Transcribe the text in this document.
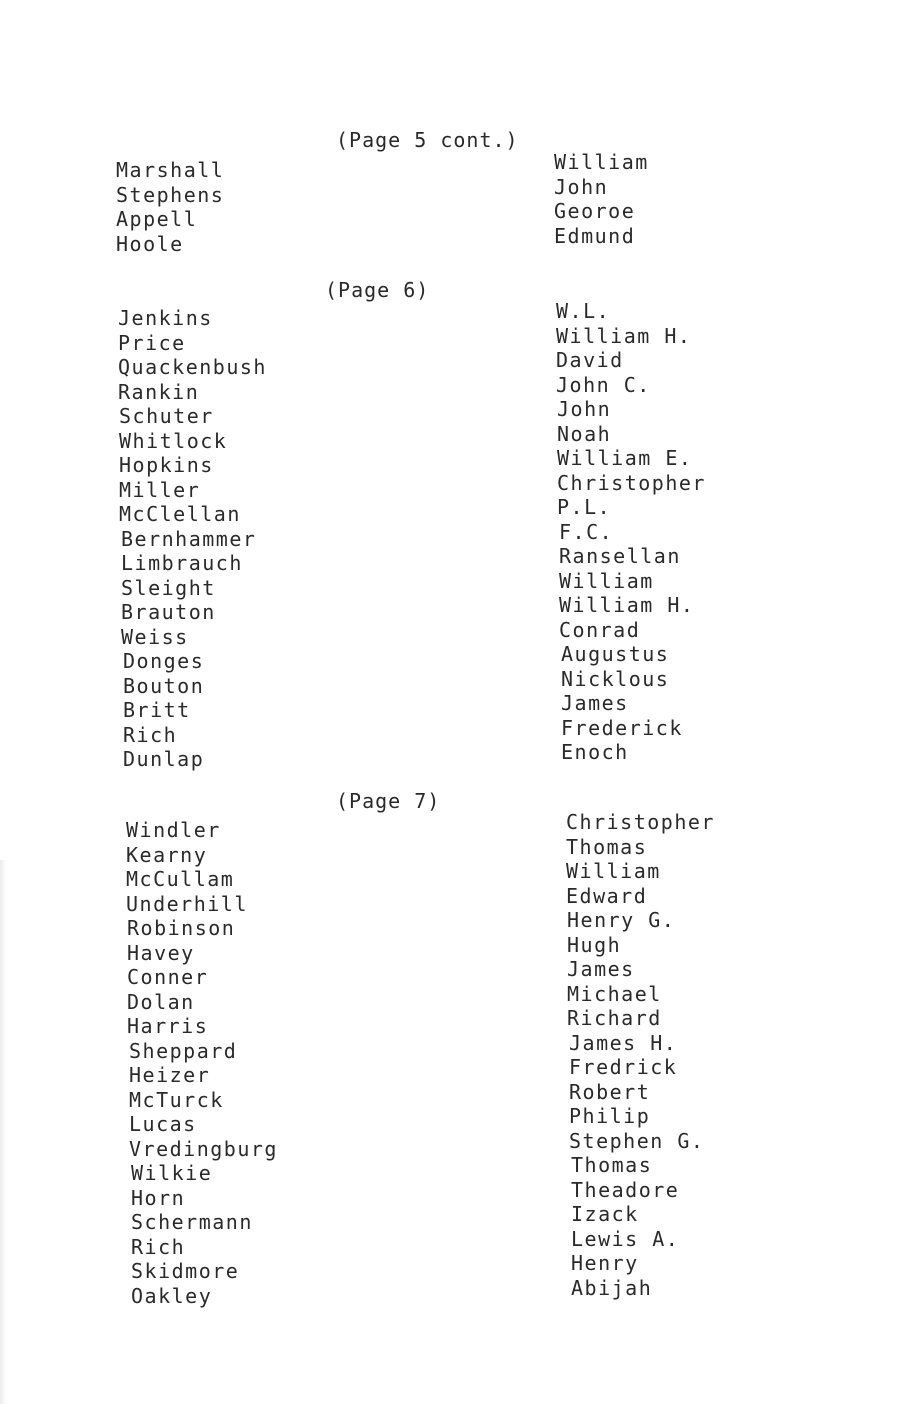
(Page 5 cont.)
Marshall
Stephens
Appell
Hoole
William
John
Georoe
Edmund
(Page 6)
Jenkins
Price
Quackenbush
Rankin
Schuter
Whitlock
Hopkins
Miller
McClellan
Bernhammer
Limbrauch
Sleight
Brauton
Weiss
Donges
Bouton
Britt
Rich
Dunlap
W.L.
William H.
David
John C.
John
Noah
William E.
Christopher
P.L.
F.C.
Ransellan
William
William H.
Conrad
Augustus
Nicklous
James
Frederick
Enoch
(Page 7)
Windler
Kearny
McCullam
Underhill
Robinson
Havey
Conner
Dolan
Harris
Sheppard
Heizer
McTurck
Lucas
Vredingburg
Wilkie
Horn
Schermann
Rich
Skidmore
Oakley
Christopher
Thomas
William
Edward
Henry G.
Hugh
James
Michael
Richard
James H.
Fredrick
Robert
Philip
Stephen G.
Thomas
Theadore
Izack
Lewis A.
Henry
Abijah
